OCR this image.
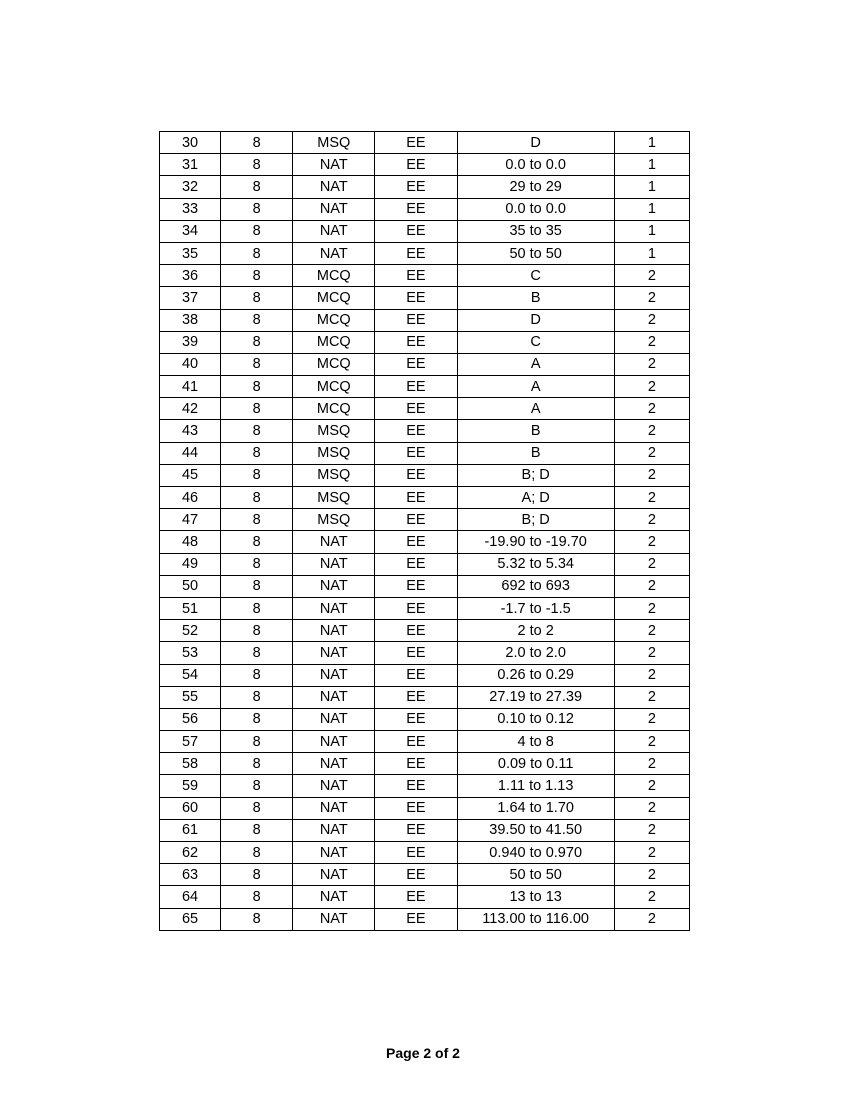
30	8	MSQ	EE	D	1
31	8	NAT	EE	0.0 to 0.0	1
32	8	NAT	EE	29 to 29	1
33	8	NAT	EE	0.0 to 0.0	1
34	8	NAT	EE	35 to 35	1
35	8	NAT	EE	50 to 50	1
36	8	MCQ	EE	C	2
37	8	MCQ	EE	B	2
38	8	MCQ	EE	D	2
39	8	MCQ	EE	C	2
40	8	MCQ	EE	A	2
41	8	MCQ	EE	A	2
42	8	MCQ	EE	A	2
43	8	MSQ	EE	B	2
44	8	MSQ	EE	B	2
45	8	MSQ	EE	B; D	2
46	8	MSQ	EE	A; D	2
47	8	MSQ	EE	B; D	2
48	8	NAT	EE	-19.90 to -19.70	2
49	8	NAT	EE	5.32 to 5.34	2
50	8	NAT	EE	692 to 693	2
51	8	NAT	EE	-1.7 to -1.5	2
52	8	NAT	EE	2 to 2	2
53	8	NAT	EE	2.0 to 2.0	2
54	8	NAT	EE	0.26 to 0.29	2
55	8	NAT	EE	27.19 to 27.39	2
56	8	NAT	EE	0.10 to 0.12	2
57	8	NAT	EE	4 to 8	2
58	8	NAT	EE	0.09 to 0.11	2
59	8	NAT	EE	1.11 to 1.13	2
60	8	NAT	EE	1.64 to 1.70	2
61	8	NAT	EE	39.50 to 41.50	2
62	8	NAT	EE	0.940 to 0.970	2
63	8	NAT	EE	50 to 50	2
64	8	NAT	EE	13 to 13	2
65	8	NAT	EE	113.00 to 116.00	2
Page 2 of 2
